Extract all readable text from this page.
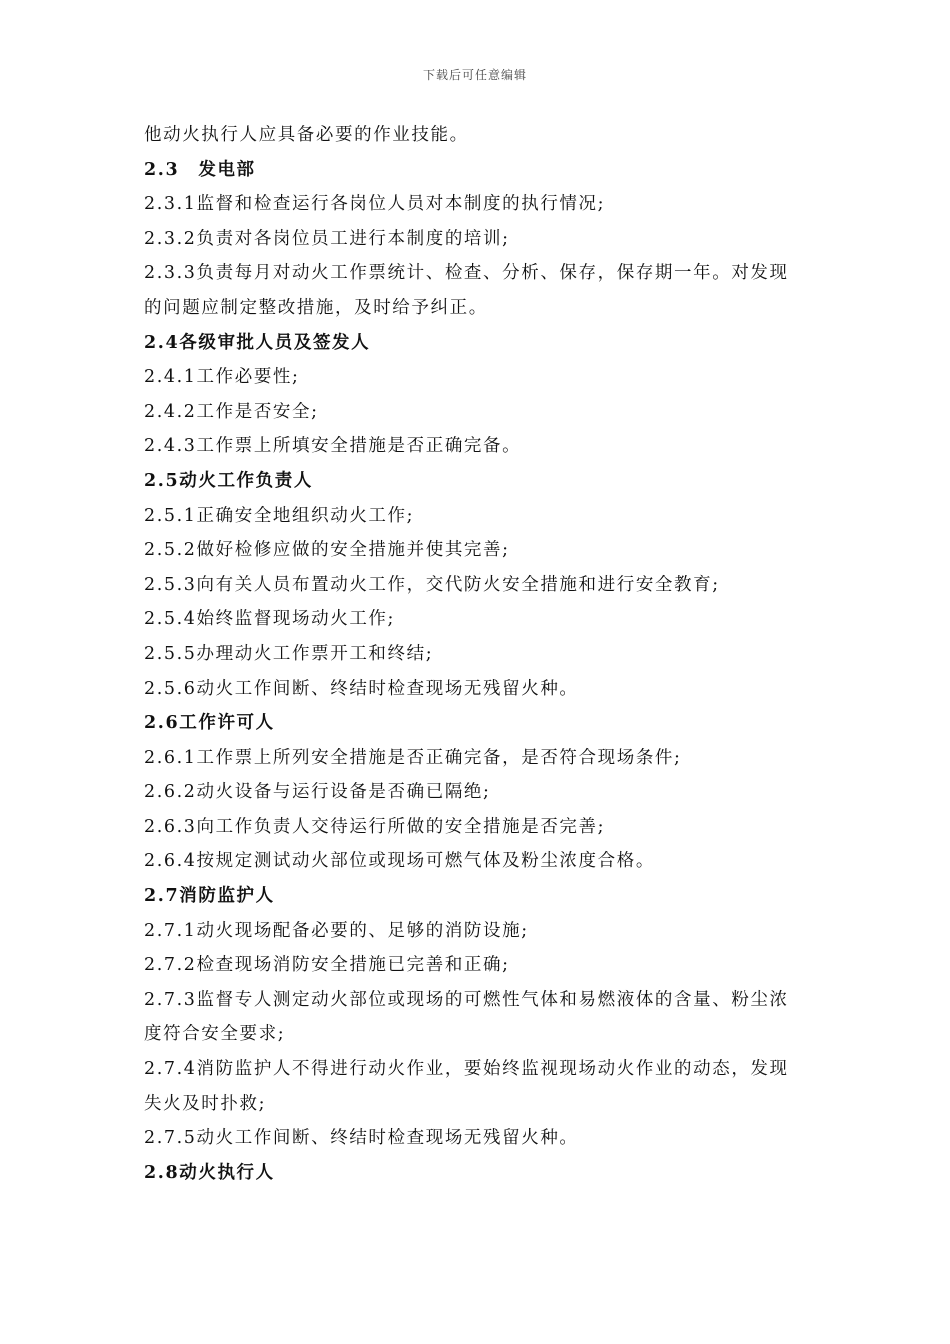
下载后可任意编辑
他动火执行人应具备必要的作业技能。
2.3　发电部
2.3.1监督和检查运行各岗位人员对本制度的执行情况;
2.3.2负责对各岗位员工进行本制度的培训;
2.3.3负责每月对动火工作票统计、检查、分析、保存，保存期一年。对发现
的问题应制定整改措施，及时给予纠正。
2.4各级审批人员及签发人
2.4.1工作必要性;
2.4.2工作是否安全;
2.4.3工作票上所填安全措施是否正确完备。
2.5动火工作负责人
2.5.1正确安全地组织动火工作;
2.5.2做好检修应做的安全措施并使其完善;
2.5.3向有关人员布置动火工作，交代防火安全措施和进行安全教育;
2.5.4始终监督现场动火工作;
2.5.5办理动火工作票开工和终结;
2.5.6动火工作间断、终结时检查现场无残留火种。
2.6工作许可人
2.6.1工作票上所列安全措施是否正确完备，是否符合现场条件;
2.6.2动火设备与运行设备是否确已隔绝;
2.6.3向工作负责人交待运行所做的安全措施是否完善;
2.6.4按规定测试动火部位或现场可燃气体及粉尘浓度合格。
2.7消防监护人
2.7.1动火现场配备必要的、足够的消防设施;
2.7.2检查现场消防安全措施已完善和正确;
2.7.3监督专人测定动火部位或现场的可燃性气体和易燃液体的含量、粉尘浓
度符合安全要求;
2.7.4消防监护人不得进行动火作业，要始终监视现场动火作业的动态，发现
失火及时扑救;
2.7.5动火工作间断、终结时检查现场无残留火种。
2.8动火执行人
